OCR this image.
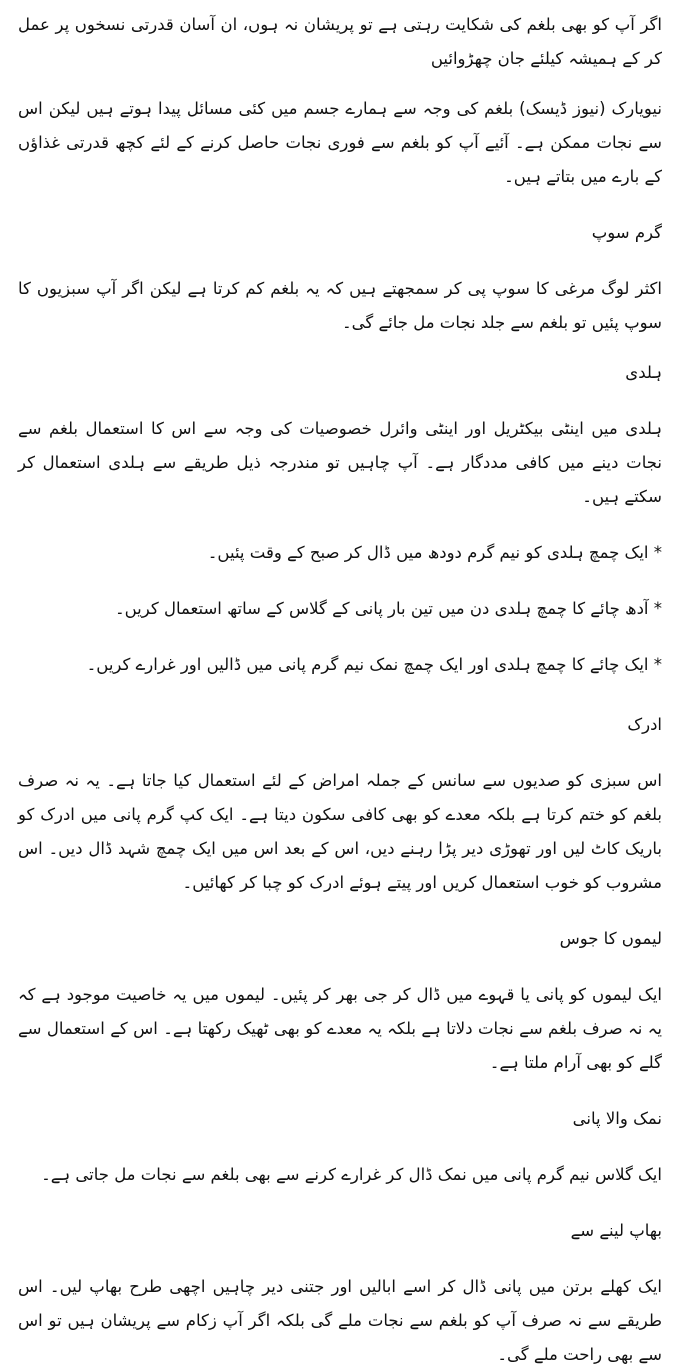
اگر آپ کو بھی بلغم کی شکایت رہتی ہے تو پریشان نہ ہوں، ان آسان قدرتی نسخوں پر عمل کر کے ہمیشہ کیلئے جان چھڑوائیں

نیویارک (نیوز ڈیسک) بلغم کی وجہ سے ہمارے جسم میں کئی مسائل پیدا ہوتے ہیں لیکن اس سے نجات ممکن ہے۔ آئیے آپ کو بلغم سے فوری نجات حاصل کرنے کے لئے کچھ قدرتی غذاؤں کے بارے میں بتاتے ہیں۔

گرم سوپ

اکثر لوگ مرغی کا سوپ پی کر سمجھتے ہیں کہ یہ بلغم کم کرتا ہے لیکن اگر آپ سبزیوں کا سوپ پئیں تو بلغم سے جلد نجات مل جائے گی۔

ہلدی

ہلدی میں اینٹی بیکٹریل اور اینٹی وائرل خصوصیات کی وجہ سے اس کا استعمال بلغم سے نجات دینے میں کافی مددگار ہے۔ آپ چاہیں تو مندرجہ ذیل طریقے سے ہلدی استعمال کر سکتے ہیں۔

* ایک چمچ ہلدی کو نیم گرم دودھ میں ڈال کر صبح کے وقت پئیں۔

* آدھ چائے کا چمچ ہلدی دن میں تین بار پانی کے گلاس کے ساتھ استعمال کریں۔

* ایک چائے کا چمچ ہلدی اور ایک چمچ نمک نیم گرم پانی میں ڈالیں اور غرارے کریں۔

ادرک

اس سبزی کو صدیوں سے سانس کے جملہ امراض کے لئے استعمال کیا جاتا ہے۔ یہ نہ صرف بلغم کو ختم کرتا ہے بلکہ معدے کو بھی کافی سکون دیتا ہے۔ ایک کپ گرم پانی میں ادرک کو باریک کاٹ لیں اور تھوڑی دیر پڑا رہنے دیں، اس کے بعد اس میں ایک چمچ شہد ڈال دیں۔ اس مشروب کو خوب استعمال کریں اور پیتے ہوئے ادرک کو چبا کر کھائیں۔

لیموں کا جوس

ایک لیموں کو پانی یا قہوے میں ڈال کر جی بھر کر پئیں۔ لیموں میں یہ خاصیت موجود ہے کہ یہ نہ صرف بلغم سے نجات دلاتا ہے بلکہ یہ معدے کو بھی ٹھیک رکھتا ہے۔ اس کے استعمال سے گلے کو بھی آرام ملتا ہے۔

نمک والا پانی

ایک گلاس نیم گرم پانی میں نمک ڈال کر غرارے کرنے سے بھی بلغم سے نجات مل جاتی ہے۔

بھاپ لینے سے

ایک کھلے برتن میں پانی ڈال کر اسے ابالیں اور جتنی دیر چاہیں اچھی طرح بھاپ لیں۔ اس طریقے سے نہ صرف آپ کو بلغم سے نجات ملے گی بلکہ اگر آپ زکام سے پریشان ہیں تو اس سے بھی راحت ملے گی۔
